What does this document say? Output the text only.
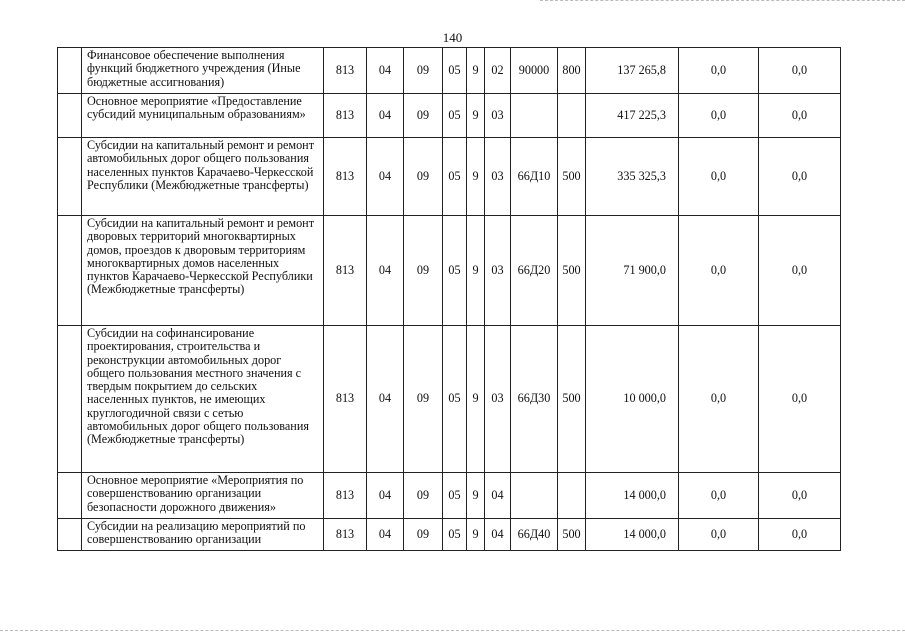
140
	Финансовое обеспечение выполнения функций бюджетного учреждения (Иные бюджетные ассигнования)	813	04	09	05	9	02	90000	800	137 265,8	0,0	0,0
	Основное мероприятие «Предоставление субсидий муниципальным образованиям»	813	04	09	05	9	03			417 225,3	0,0	0,0
	Субсидии на капитальный ремонт и ремонт автомобильных дорог общего пользования населенных пунктов Карачаево-Черкесской Республики (Межбюджетные трансферты)	813	04	09	05	9	03	66Д10	500	335 325,3	0,0	0,0
	Субсидии на капитальный ремонт и ремонт дворовых территорий многоквартирных домов, проездов к дворовым территориям многоквартирных домов населенных пунктов Карачаево-Черкесской Республики (Межбюджетные трансферты)	813	04	09	05	9	03	66Д20	500	71 900,0	0,0	0,0
	Субсидии на софинансирование проектирования, строительства и реконструкции автомобильных дорог общего пользования местного значения с твердым покрытием до сельских населенных пунктов, не имеющих круглогодичной связи с сетью автомобильных дорог общего пользования (Межбюджетные трансферты)	813	04	09	05	9	03	66Д30	500	10 000,0	0,0	0,0
	Основное мероприятие «Мероприятия по совершенствованию организации безопасности дорожного движения»	813	04	09	05	9	04			14 000,0	0,0	0,0
	Субсидии на реализацию мероприятий по совершенствованию организации	813	04	09	05	9	04	66Д40	500	14 000,0	0,0	0,0
